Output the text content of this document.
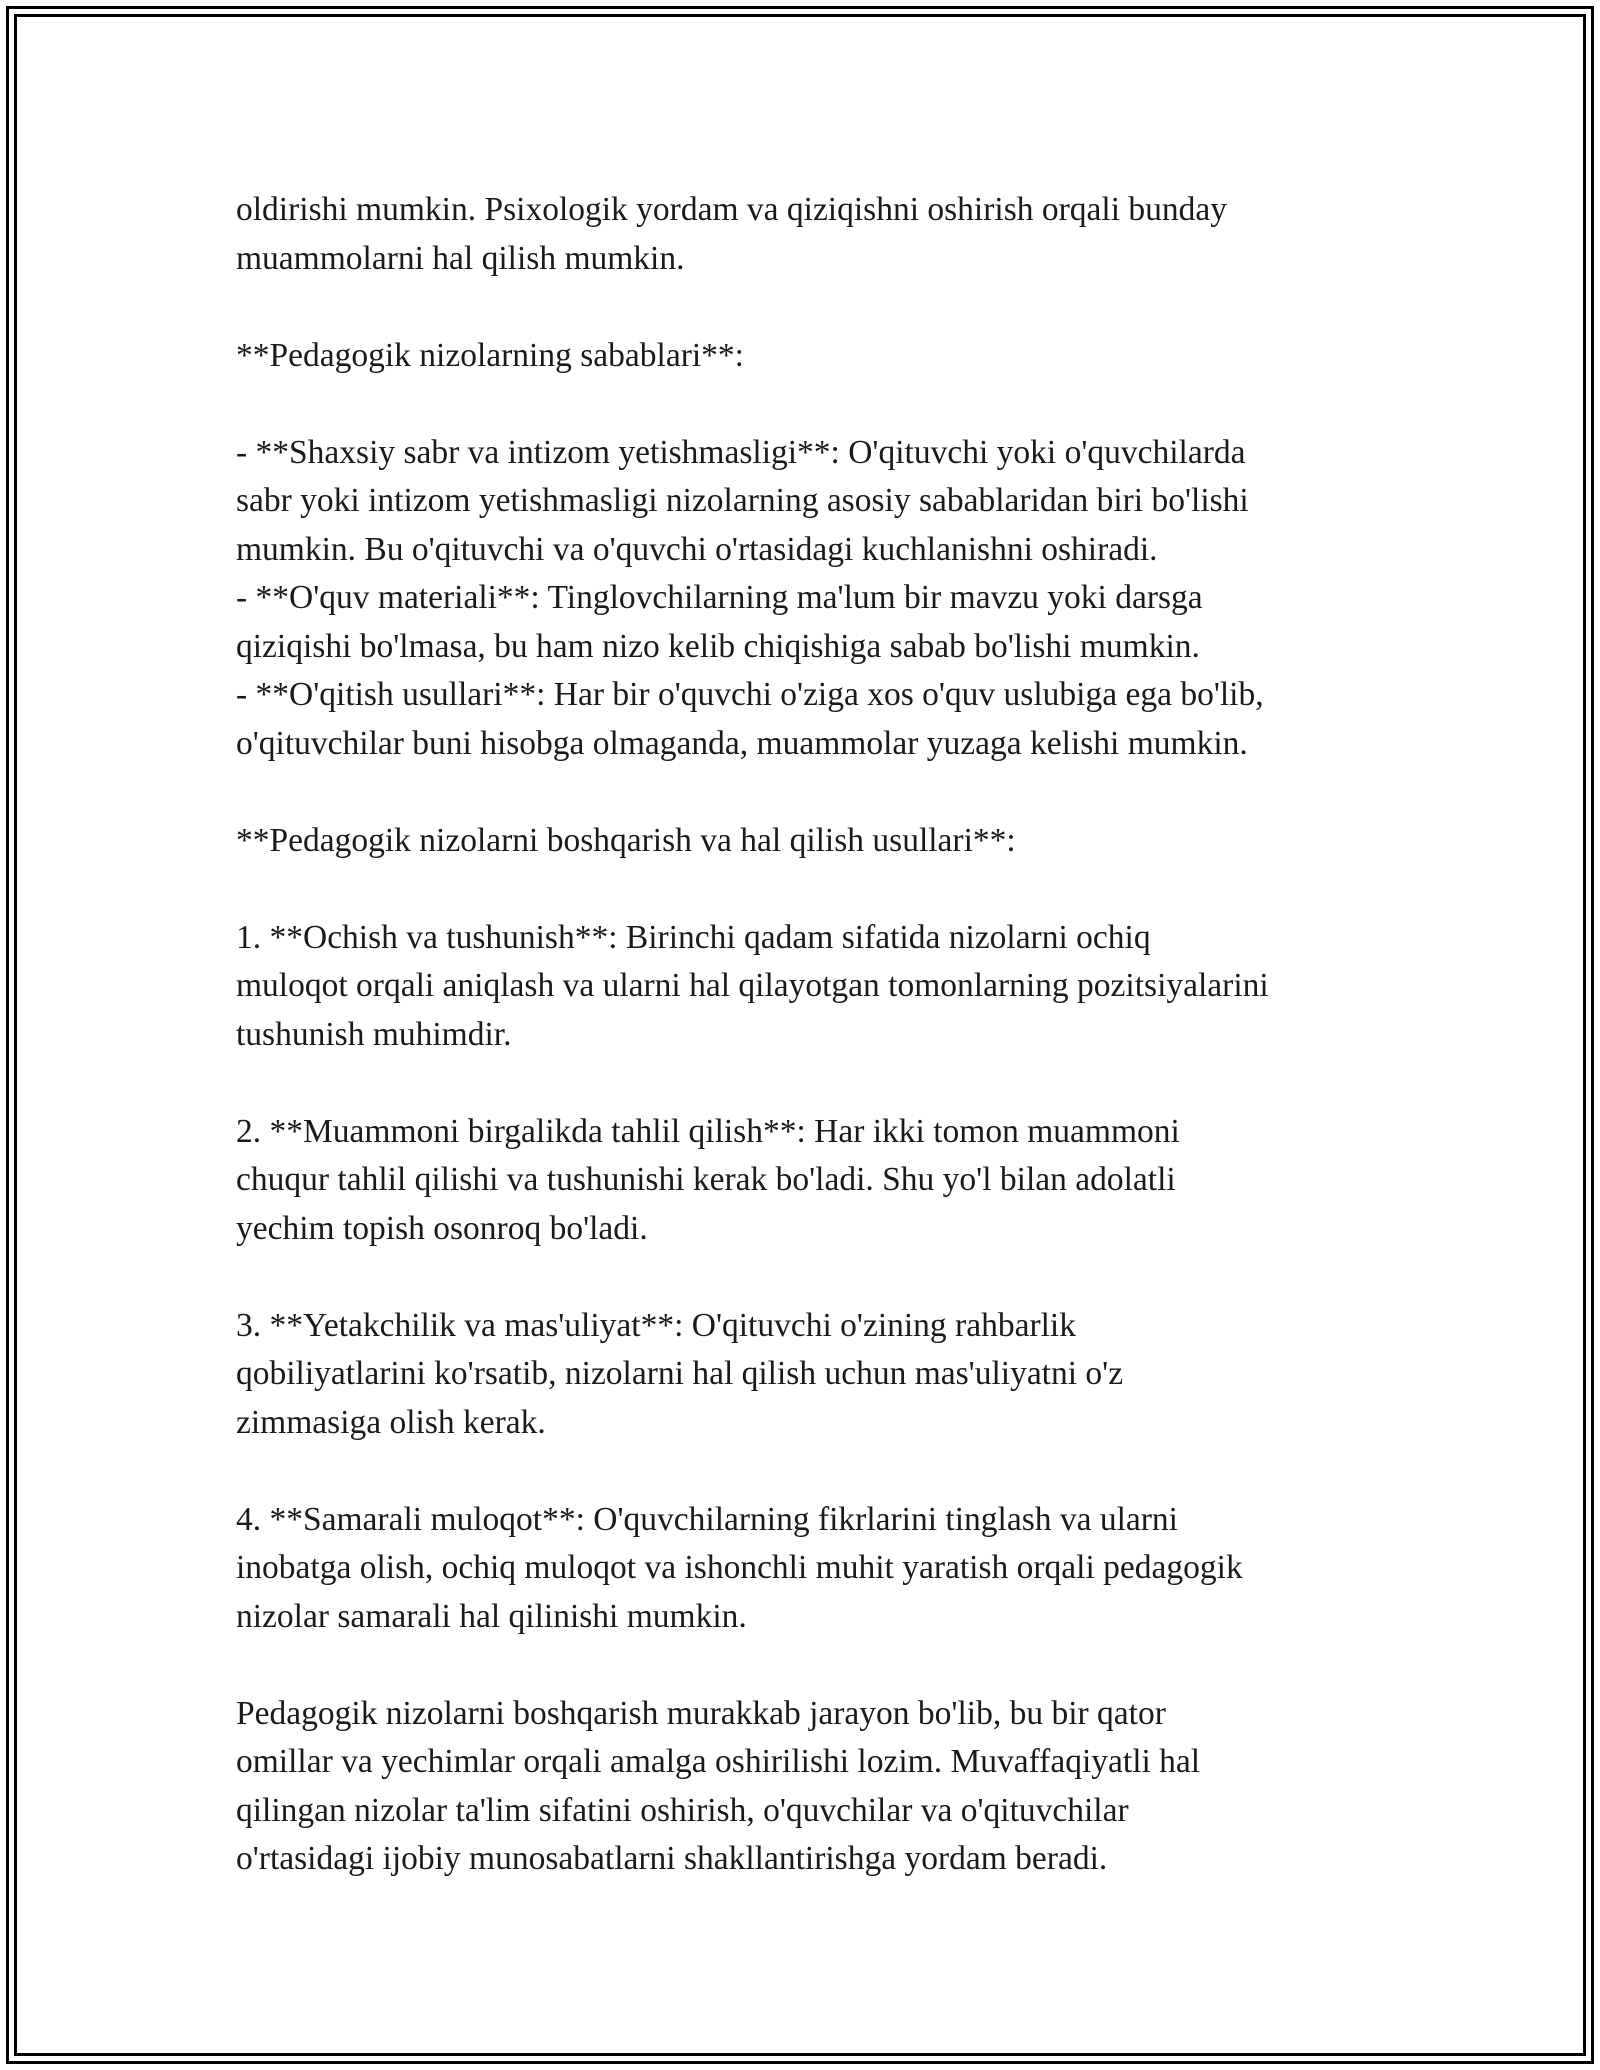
oldirishi mumkin. Psixologik yordam va qiziqishni oshirish orqali bunday
muammolarni hal qilish mumkin.
**Pedagogik nizolarning sabablari**:
- **Shaxsiy sabr va intizom yetishmasligi**: O'qituvchi yoki o'quvchilarda
sabr yoki intizom yetishmasligi nizolarning asosiy sabablaridan biri bo'lishi
mumkin. Bu o'qituvchi va o'quvchi o'rtasidagi kuchlanishni oshiradi.
- **O'quv materiali**: Tinglovchilarning ma'lum bir mavzu yoki darsga
qiziqishi bo'lmasa, bu ham nizo kelib chiqishiga sabab bo'lishi mumkin.
- **O'qitish usullari**: Har bir o'quvchi o'ziga xos o'quv uslubiga ega bo'lib,
o'qituvchilar buni hisobga olmaganda, muammolar yuzaga kelishi mumkin.
**Pedagogik nizolarni boshqarish va hal qilish usullari**:
1. **Ochish va tushunish**: Birinchi qadam sifatida nizolarni ochiq
muloqot orqali aniqlash va ularni hal qilayotgan tomonlarning pozitsiyalarini
tushunish muhimdir.
2. **Muammoni birgalikda tahlil qilish**: Har ikki tomon muammoni
chuqur tahlil qilishi va tushunishi kerak bo'ladi. Shu yo'l bilan adolatli
yechim topish osonroq bo'ladi.
3. **Yetakchilik va mas'uliyat**: O'qituvchi o'zining rahbarlik
qobiliyatlarini ko'rsatib, nizolarni hal qilish uchun mas'uliyatni o'z
zimmasiga olish kerak.
4. **Samarali muloqot**: O'quvchilarning fikrlarini tinglash va ularni
inobatga olish, ochiq muloqot va ishonchli muhit yaratish orqali pedagogik
nizolar samarali hal qilinishi mumkin.
Pedagogik nizolarni boshqarish murakkab jarayon bo'lib, bu bir qator
omillar va yechimlar orqali amalga oshirilishi lozim. Muvaffaqiyatli hal
qilingan nizolar ta'lim sifatini oshirish, o'quvchilar va o'qituvchilar
o'rtasidagi ijobiy munosabatlarni shakllantirishga yordam beradi.
